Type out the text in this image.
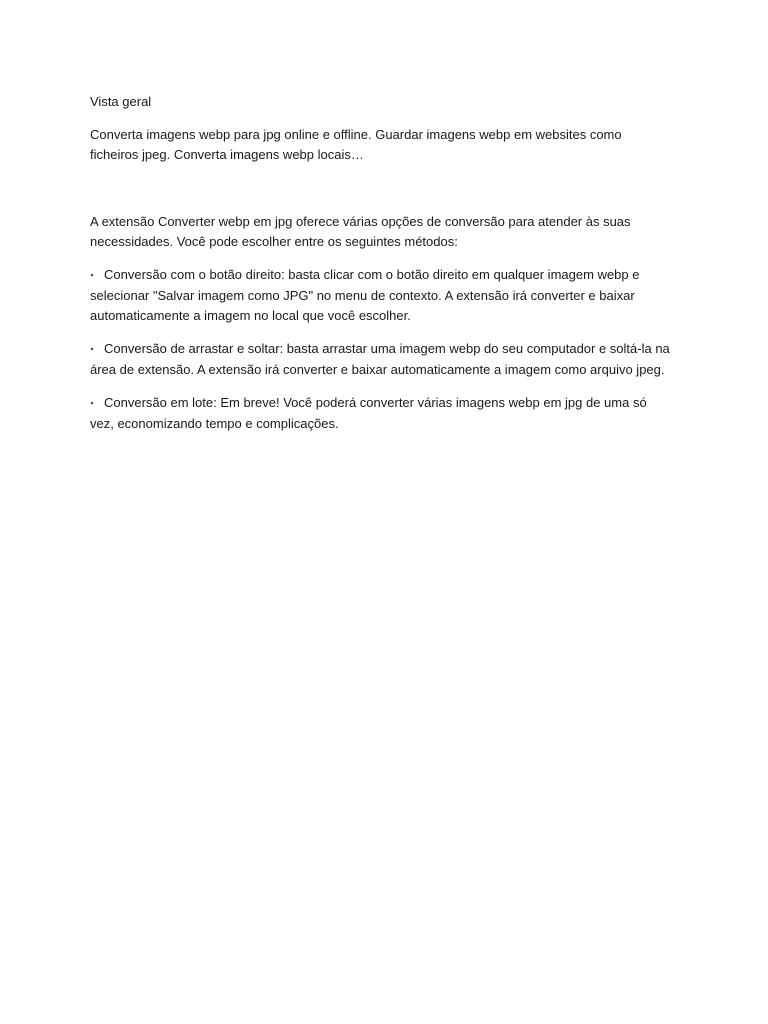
Vista geral

Converta imagens webp para jpg online e offline. Guardar imagens webp em websites como ficheiros jpeg. Converta imagens webp locais…

A extensão Converter webp em jpg oferece várias opções de conversão para atender às suas necessidades. Você pode escolher entre os seguintes métodos:

‣ Conversão com o botão direito: basta clicar com o botão direito em qualquer imagem webp e selecionar "Salvar imagem como JPG" no menu de contexto. A extensão irá converter e baixar automaticamente a imagem no local que você escolher.

‣ Conversão de arrastar e soltar: basta arrastar uma imagem webp do seu computador e soltá-la na área de extensão. A extensão irá converter e baixar automaticamente a imagem como arquivo jpeg.

‣ Conversão em lote: Em breve! Você poderá converter várias imagens webp em jpg de uma só vez, economizando tempo e complicações.
